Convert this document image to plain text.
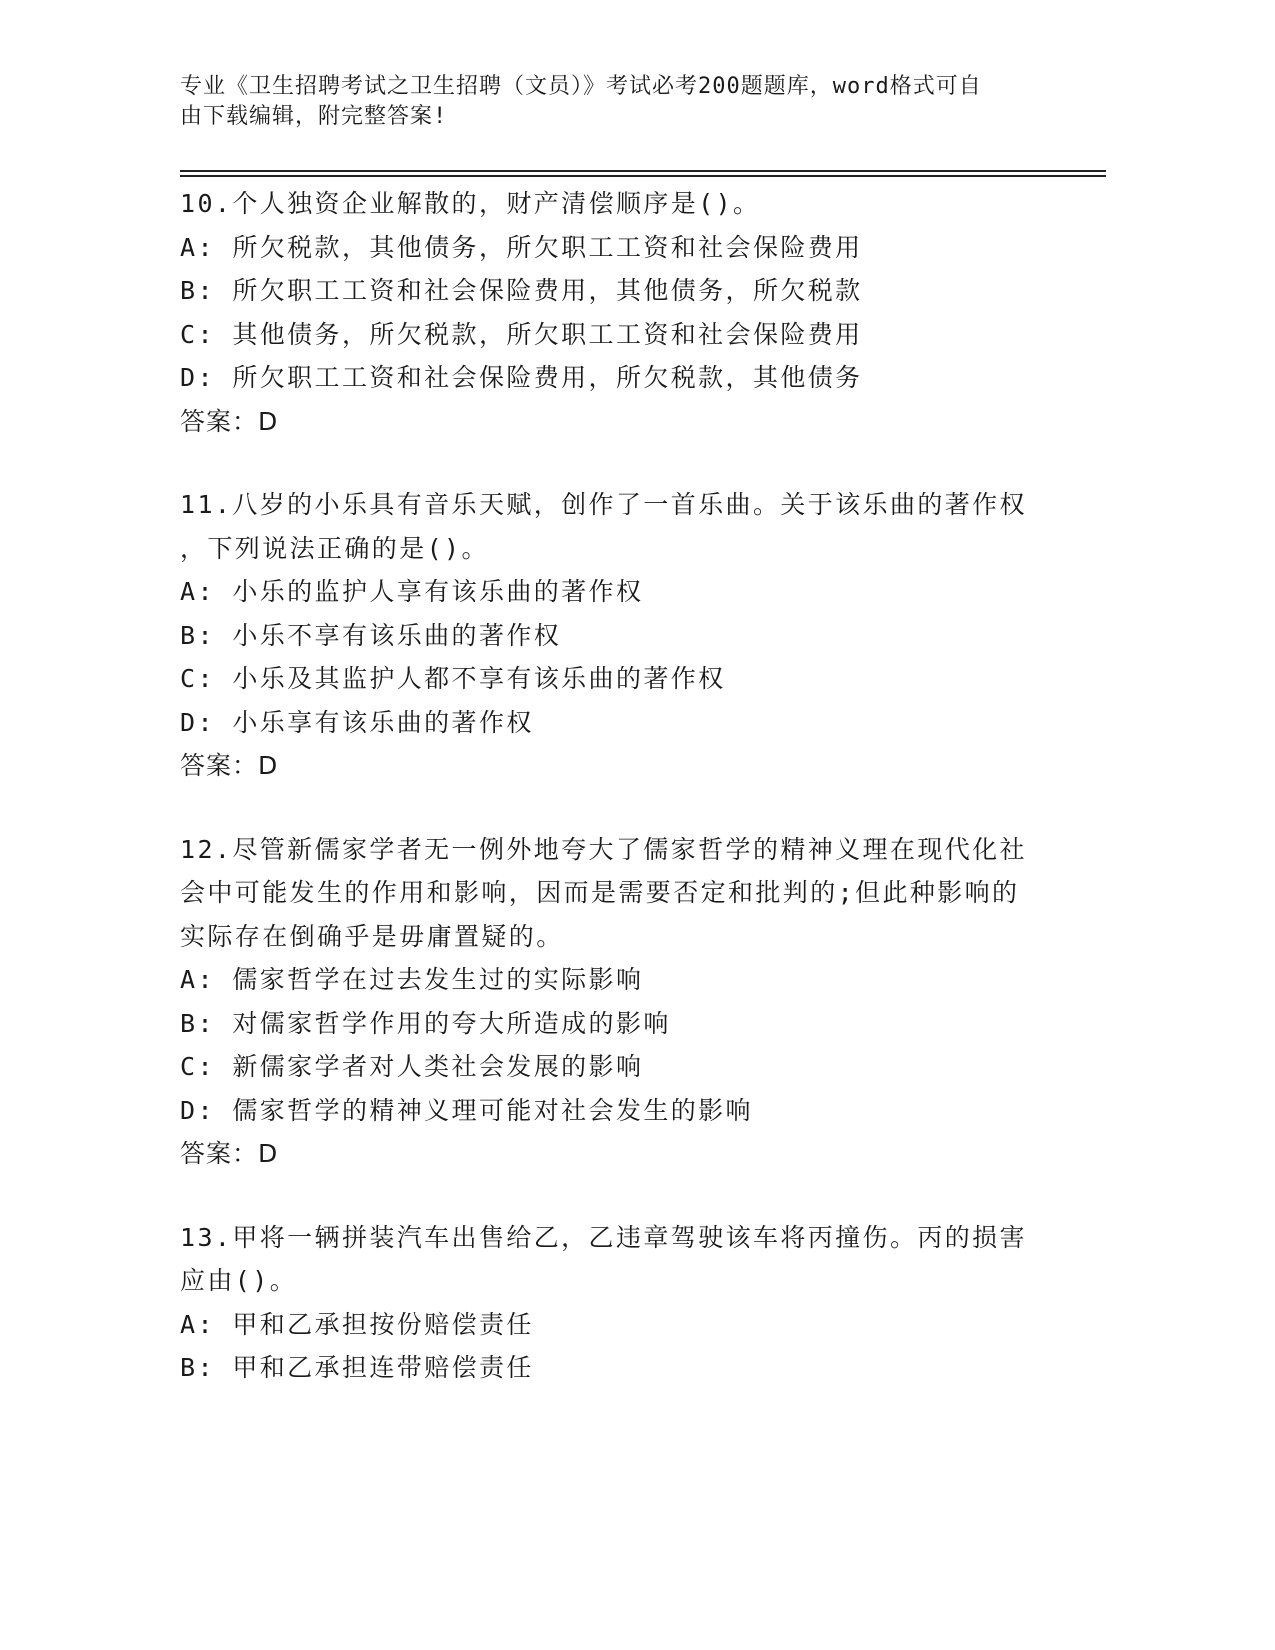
专业《卫生招聘考试之卫生招聘（文员）》考试必考200题题库，word格式可自
由下载编辑，附完整答案!
10.个人独资企业解散的，财产清偿顺序是()。
A: 所欠税款，其他债务，所欠职工工资和社会保险费用
B: 所欠职工工资和社会保险费用，其他债务，所欠税款
C: 其他债务，所欠税款，所欠职工工资和社会保险费用
D: 所欠职工工资和社会保险费用，所欠税款，其他债务
答案：D
11.八岁的小乐具有音乐天赋，创作了一首乐曲。关于该乐曲的著作权
，下列说法正确的是()。
A: 小乐的监护人享有该乐曲的著作权
B: 小乐不享有该乐曲的著作权
C: 小乐及其监护人都不享有该乐曲的著作权
D: 小乐享有该乐曲的著作权
答案：D
12.尽管新儒家学者无一例外地夸大了儒家哲学的精神义理在现代化社
会中可能发生的作用和影响，因而是需要否定和批判的;但此种影响的
实际存在倒确乎是毋庸置疑的。
A: 儒家哲学在过去发生过的实际影响
B: 对儒家哲学作用的夸大所造成的影响
C: 新儒家学者对人类社会发展的影响
D: 儒家哲学的精神义理可能对社会发生的影响
答案：D
13.甲将一辆拼装汽车出售给乙，乙违章驾驶该车将丙撞伤。丙的损害
应由()。
A: 甲和乙承担按份赔偿责任
B: 甲和乙承担连带赔偿责任
